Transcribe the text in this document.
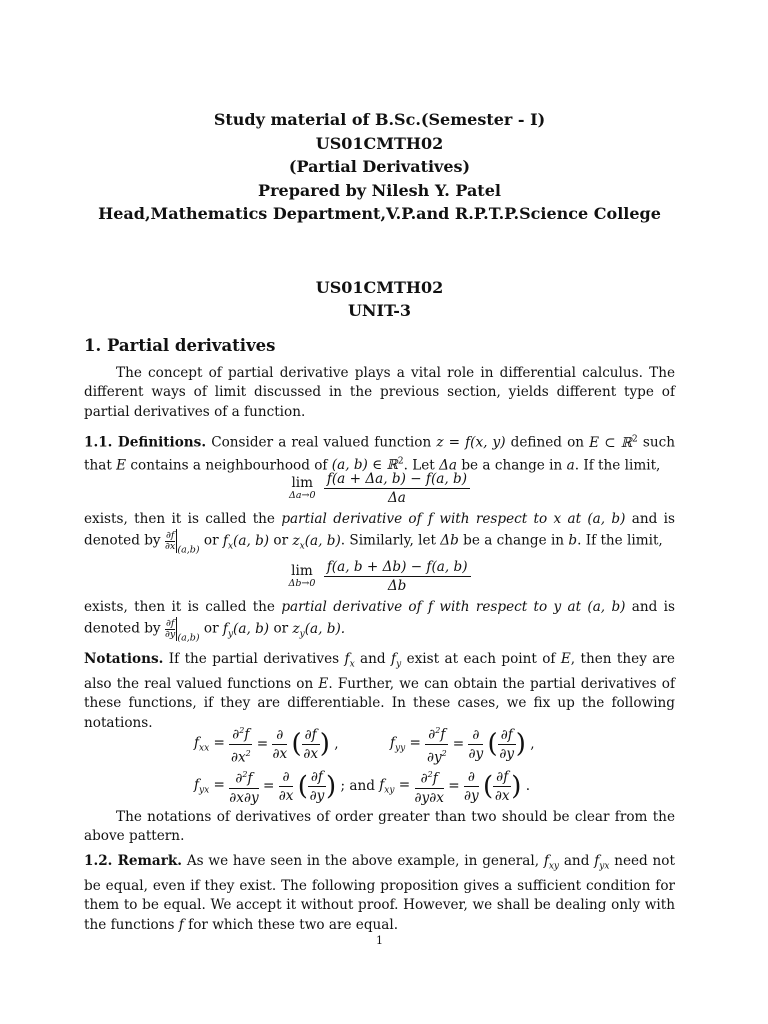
Study material of B.Sc.(Semester - I)
US01CMTH02
(Partial Derivatives)
Prepared by Nilesh Y. Patel
Head,Mathematics Department,V.P.and R.P.T.P.Science College
US01CMTH02
UNIT-3
1. Partial derivatives
The concept of partial derivative plays a vital role in differential calculus. The different ways of limit discussed in the previous section, yields different type of partial derivatives of a function.
1.1. Definitions. Consider a real valued function z = f(x, y) defined on E ⊂ ℝ$^2$ such that E contains a neighbourhood of (a, b) ∈ ℝ$^2$. Let Δa be a change in a. If the limit,
lim
Δa→0
$\frac{f(a + \Delta a, b) - f(a, b)}{\Delta a}$
exists, then it is called the partial derivative of f with respect to x at (a, b) and is denoted by $\frac{\partial f}{\partial x} _{(a,b)}$ or $f_x(a$, b) or $z_x(a$, b). Similarly, let Δb be a change in b. If the limit,
lim
Δb→0
$\frac{f(a, b + \Delta b) - f(a, b)}{\Delta b}$
exists, then it is called the partial derivative of f with respect to y at (a, b) and is denoted by $\frac{\partial f}{\partial y} _{(a,b)}$ or $f_y(a$, b) or $z_y(a$, b).
Notations. If the partial derivatives $f_x$ and $f_y$ exist at each point of E, then they are also the real valued functions on E. Further, we can obtain the partial derivatives of these functions, if they are differentiable. In these cases, we fix up the following notations.
$f_{xx} = \frac{\partial^2f}{\partial x^2} = \frac{\partial}{\partial x}$ ( $\frac{\partial f}{\partial x}$ ) ,	$f_{yy} = \frac{\partial^2f}{\partial y^2} = \frac{\partial}{\partial y}$ ( $\frac{\partial f}{\partial y}$ ) ,
$f_{yx} = \frac{\partial^2f}{\partial x\partial y} = \frac{\partial}{\partial x}$ ( $\frac{\partial f}{\partial y}$ ) ; and $f_{xy} = \frac{\partial^2f}{\partial y\partial x} = \frac{\partial}{\partial y}$ ( $\frac{\partial f}{\partial x}$ ) .
The notations of derivatives of order greater than two should be clear from the above pattern.
1.2. Remark. As we have seen in the above example, in general, $f_{xy}$ and $f_{yx}$ need not be equal, even if they exist. The following proposition gives a sufficient condition for them to be equal. We accept it without proof. However, we shall be dealing only with the functions f for which these two are equal.
1
